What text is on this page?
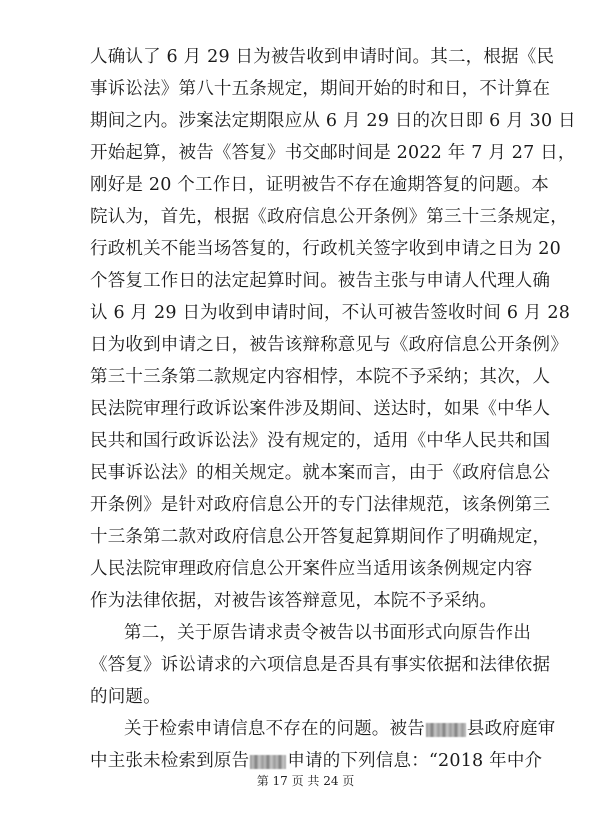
人确认了 6 月 29 日为被告收到申请时间。其二，根据《民
事诉讼法》第八十五条规定，期间开始的时和日，不计算在
期间之内。涉案法定期限应从 6 月 29 日的次日即 6 月 30 日
开始起算，被告《答复》书交邮时间是 2022 年 7 月 27 日，
刚好是 20 个工作日，证明被告不存在逾期答复的问题。本
院认为，首先，根据《政府信息公开条例》第三十三条规定，
行政机关不能当场答复的，行政机关签字收到申请之日为 20
个答复工作日的法定起算时间。被告主张与申请人代理人确
认 6 月 29 日为收到申请时间，不认可被告签收时间 6 月 28
日为收到申请之日，被告该辩称意见与《政府信息公开条例》
第三十三条第二款规定内容相悖，本院不予采纳；其次，人
民法院审理行政诉讼案件涉及期间、送达时，如果《中华人
民共和国行政诉讼法》没有规定的，适用《中华人民共和国
民事诉讼法》的相关规定。就本案而言，由于《政府信息公
开条例》是针对政府信息公开的专门法律规范，该条例第三
十三条第二款对政府信息公开答复起算期间作了明确规定，
人民法院审理政府信息公开案件应当适用该条例规定内容
作为法律依据，对被告该答辩意见，本院不予采纳。
第二，关于原告请求责令被告以书面形式向原告作出
《答复》诉讼请求的六项信息是否具有事实依据和法律依据
的问题。
关于检索申请信息不存在的问题。被告 县政府庭审
第 17 页 共 24 页
中主张未检索到原告 申请的下列信息：“2018 年中介
